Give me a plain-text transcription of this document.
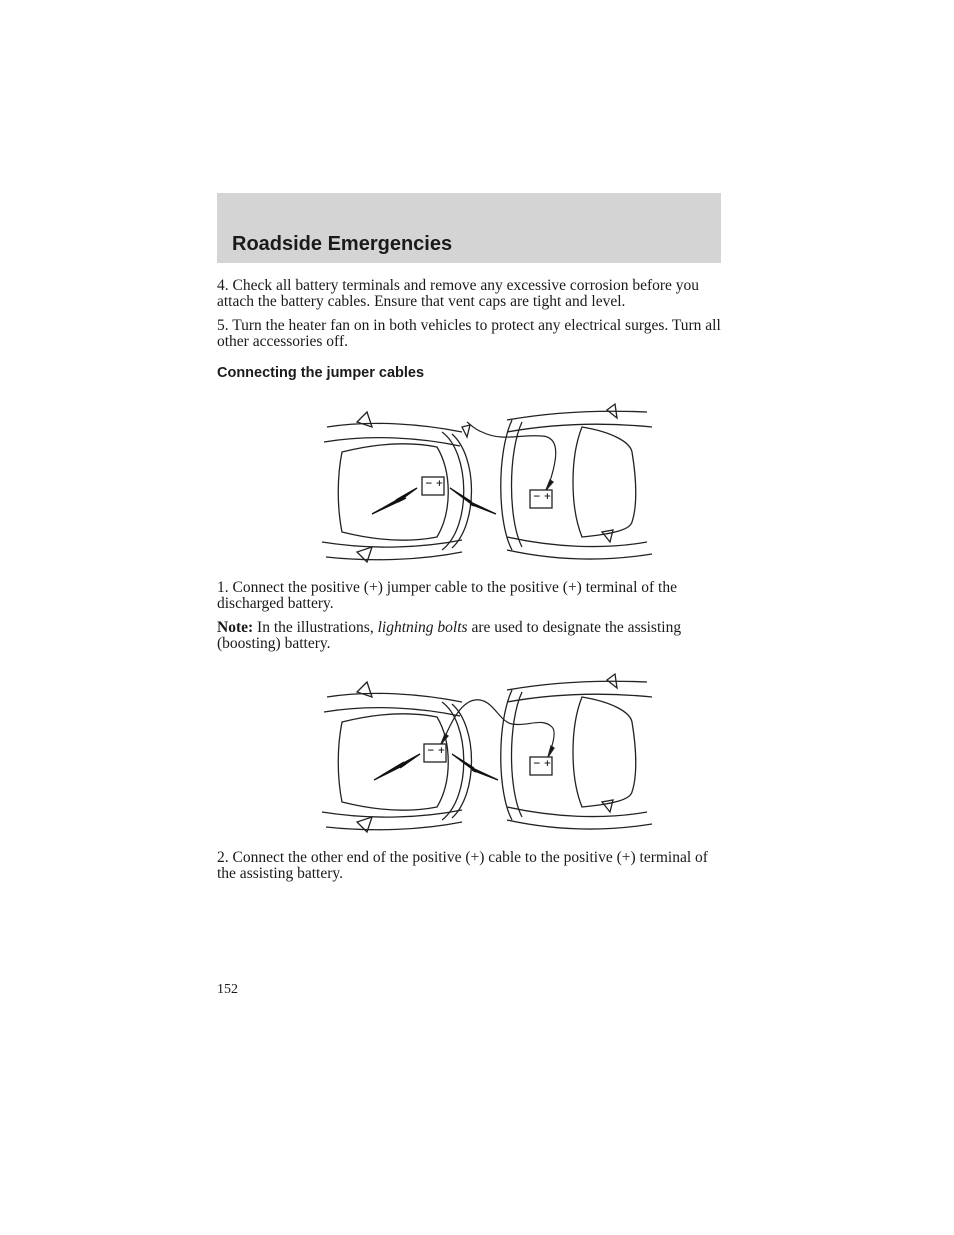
Roadside Emergencies

4. Check all battery terminals and remove any excessive corrosion before you attach the battery cables. Ensure that vent caps are tight and level.

5. Turn the heater fan on in both vehicles to protect any electrical surges. Turn all other accessories off.

Connecting the jumper cables
− +
− +

1. Connect the positive (+) jumper cable to the positive (+) terminal of the discharged battery.

Note: In the illustrations, lightning bolts are used to designate the assisting (boosting) battery.

− +
− +

2. Connect the other end of the positive (+) cable to the positive (+) terminal of the assisting battery.

152
